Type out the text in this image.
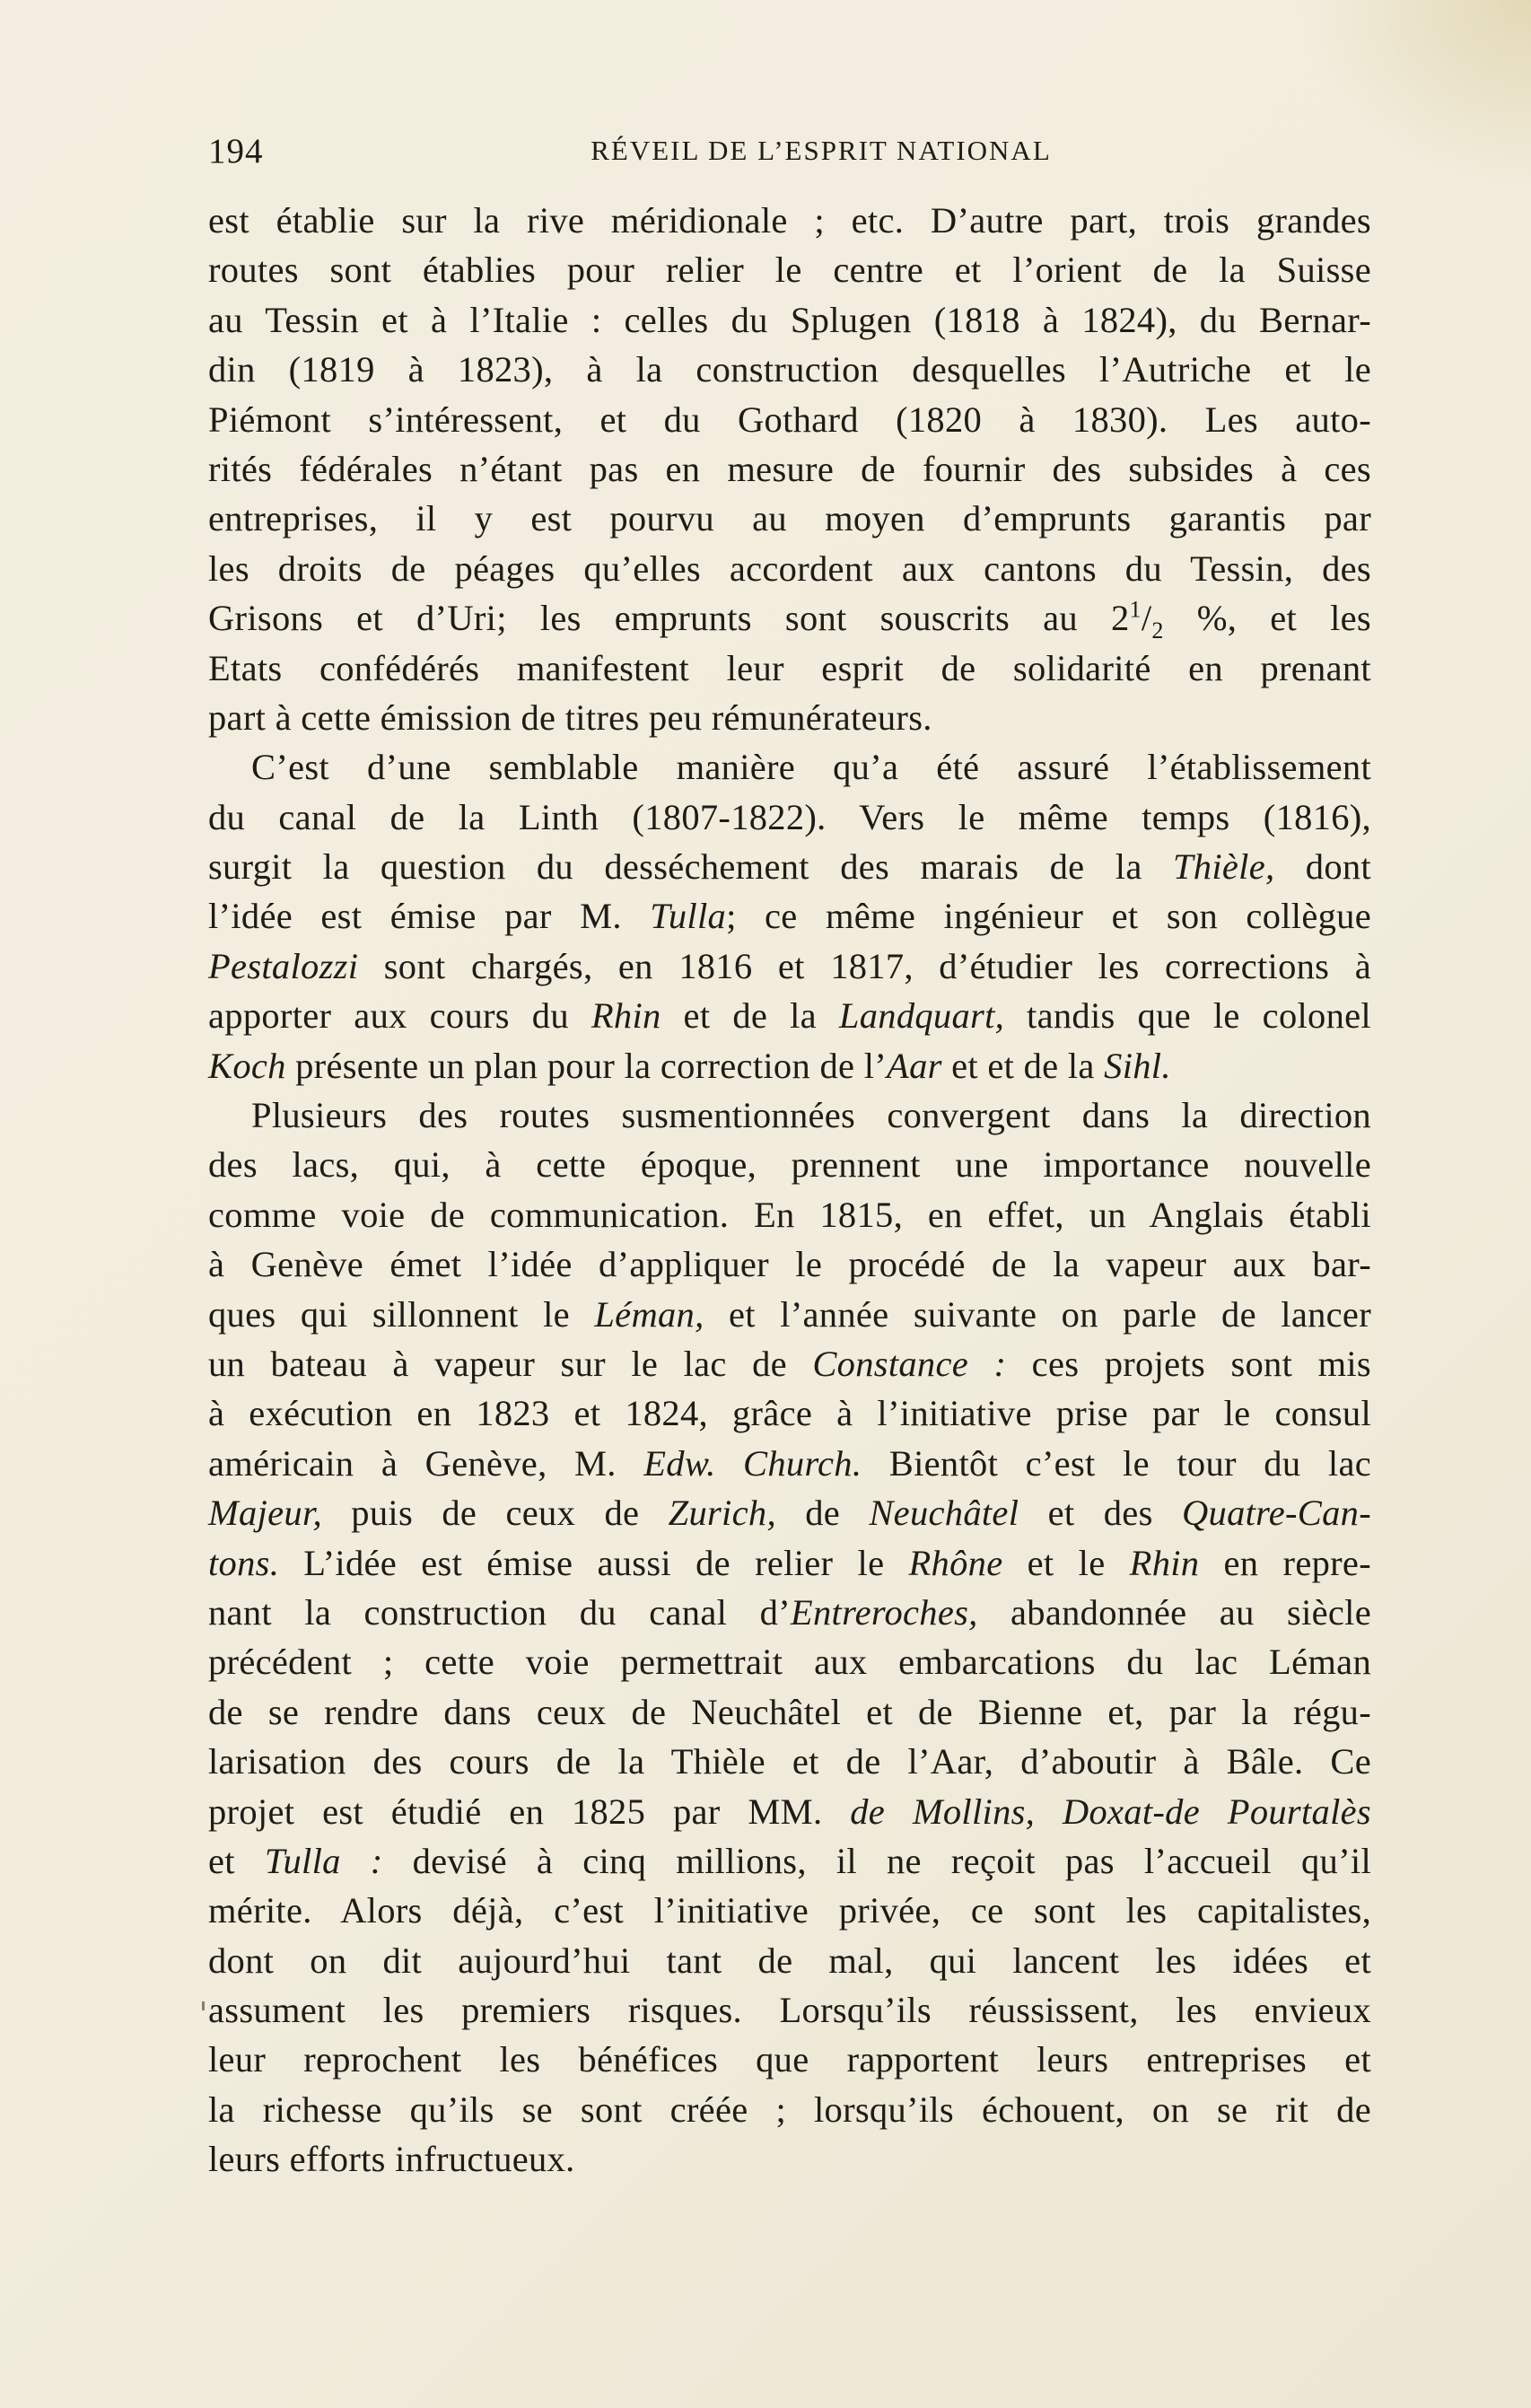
194	RÉVEIL DE L’ESPRIT NATIONAL
est établie sur la rive méridionale ; etc. D’autre part, trois grandes
routes sont établies pour relier le centre et l’orient de la Suisse
au Tessin et à l’Italie : celles du Splugen (1818 à 1824), du Bernar-
din (1819 à 1823), à la construction desquelles l’Autriche et le
Piémont s’intéressent, et du Gothard (1820 à 1830). Les auto-
rités fédérales n’étant pas en mesure de fournir des subsides à ces
entreprises, il y est pourvu au moyen d’emprunts garantis par
les droits de péages qu’elles accordent aux cantons du Tessin, des
Grisons et d’Uri; les emprunts sont souscrits au $2^1/_2$ %, et les
Etats confédérés manifestent leur esprit de solidarité en prenant
part à cette émission de titres peu rémunérateurs.
C’est d’une semblable manière qu’a été assuré l’établissement
du canal de la Linth (1807-1822). Vers le même temps (1816),
surgit la question du desséchement des marais de la Thièle, dont
l’idée est émise par M. Tulla; ce même ingénieur et son collègue
Pestalozzi sont chargés, en 1816 et 1817, d’étudier les corrections à
apporter aux cours du Rhin et de la Landquart, tandis que le colonel
Koch présente un plan pour la correction de l’Aar et et de la Sihl.
Plusieurs des routes susmentionnées convergent dans la direction
des lacs, qui, à cette époque, prennent une importance nouvelle
comme voie de communication. En 1815, en effet, un Anglais établi
à Genève émet l’idée d’appliquer le procédé de la vapeur aux bar-
ques qui sillonnent le Léman, et l’année suivante on parle de lancer
un bateau à vapeur sur le lac de Constance : ces projets sont mis
à exécution en 1823 et 1824, grâce à l’initiative prise par le consul
américain à Genève, M. Edw. Church. Bientôt c’est le tour du lac
Majeur, puis de ceux de Zurich, de Neuchâtel et des Quatre-Can-
tons. L’idée est émise aussi de relier le Rhône et le Rhin en repre-
nant la construction du canal d’Entreroches, abandonnée au siècle
précédent ; cette voie permettrait aux embarcations du lac Léman
de se rendre dans ceux de Neuchâtel et de Bienne et, par la régu-
larisation des cours de la Thièle et de l’Aar, d’aboutir à Bâle. Ce
projet est étudié en 1825 par MM. de Mollins, Doxat-de Pourtalès
et Tulla : devisé à cinq millions, il ne reçoit pas l’accueil qu’il
mérite. Alors déjà, c’est l’initiative privée, ce sont les capitalistes,
dont on dit aujourd’hui tant de mal, qui lancent les idées et
assument les premiers risques. Lorsqu’ils réussissent, les envieux
leur reprochent les bénéfices que rapportent leurs entreprises et
la richesse qu’ils se sont créée ; lorsqu’ils échouent, on se rit de
leurs efforts infructueux.
